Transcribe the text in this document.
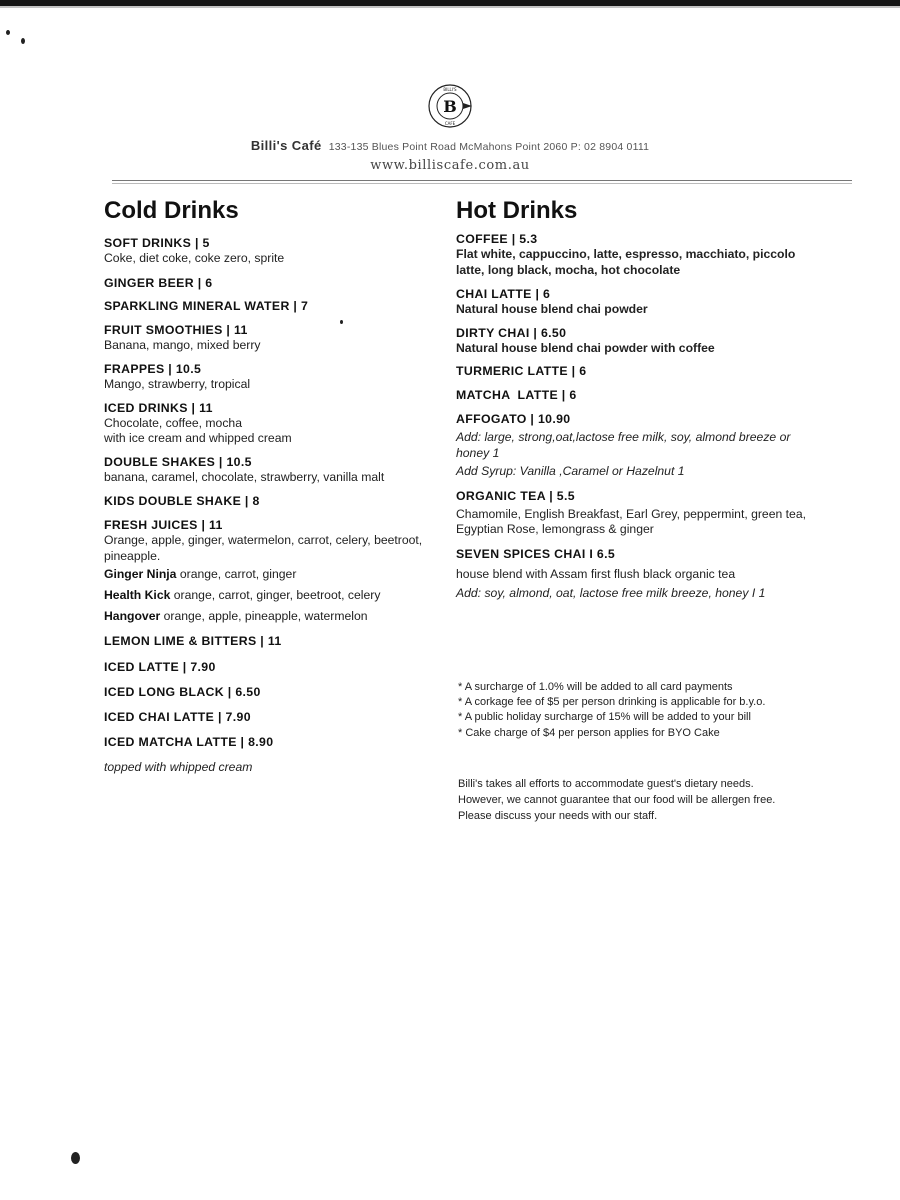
B
BILLI'S
CAFE
Billi's Café 133-135 Blues Point Road McMahons Point 2060 P: 02 8904 0111
www.billiscafe.com.au
Cold Drinks
SOFT DRINKS | 5
Coke, diet coke, coke zero, sprite
GINGER BEER | 6
SPARKLING MINERAL WATER | 7
FRUIT SMOOTHIES | 11
Banana, mango, mixed berry
FRAPPES | 10.5
Mango, strawberry, tropical
ICED DRINKS | 11
Chocolate, coffee, mocha
with ice cream and whipped cream
DOUBLE SHAKES | 10.5
banana, caramel, chocolate, strawberry, vanilla malt
KIDS DOUBLE SHAKE | 8
FRESH JUICES | 11
Orange, apple, ginger, watermelon, carrot, celery, beetroot, pineapple.
Ginger Ninja orange, carrot, ginger
Health Kick orange, carrot, ginger, beetroot, celery
Hangover orange, apple, pineapple, watermelon
LEMON LIME & BITTERS | 11
ICED LATTE | 7.90
ICED LONG BLACK | 6.50
ICED CHAI LATTE | 7.90
ICED MATCHA LATTE | 8.90
topped with whipped cream
Hot Drinks
COFFEE | 5.3
Flat white, cappuccino, latte, espresso, macchiato, piccolo latte, long black, mocha, hot chocolate
CHAI LATTE | 6
Natural house blend chai powder
DIRTY CHAI | 6.50
Natural house blend chai powder with coffee
TURMERIC LATTE | 6
MATCHA  LATTE | 6
AFFOGATO | 10.90
Add: large, strong,oat,lactose free milk, soy, almond breeze or honey 1
Add Syrup: Vanilla ,Caramel or Hazelnut 1
ORGANIC TEA | 5.5
Chamomile, English Breakfast, Earl Grey, peppermint, green tea, Egyptian Rose, lemongrass & ginger
SEVEN SPICES CHAI I 6.5
house blend with Assam first flush black organic tea
Add: soy, almond, oat, lactose free milk breeze, honey I 1
* A surcharge of 1.0% will be added to all card payments
* A corkage fee of $5 per person drinking is applicable for b.y.o.
* A public holiday surcharge of 15% will be added to your bill
* Cake charge of $4 per person applies for BYO Cake
Billi's takes all efforts to accommodate guest's dietary needs.
However, we cannot guarantee that our food will be allergen free.
Please discuss your needs with our staff.
